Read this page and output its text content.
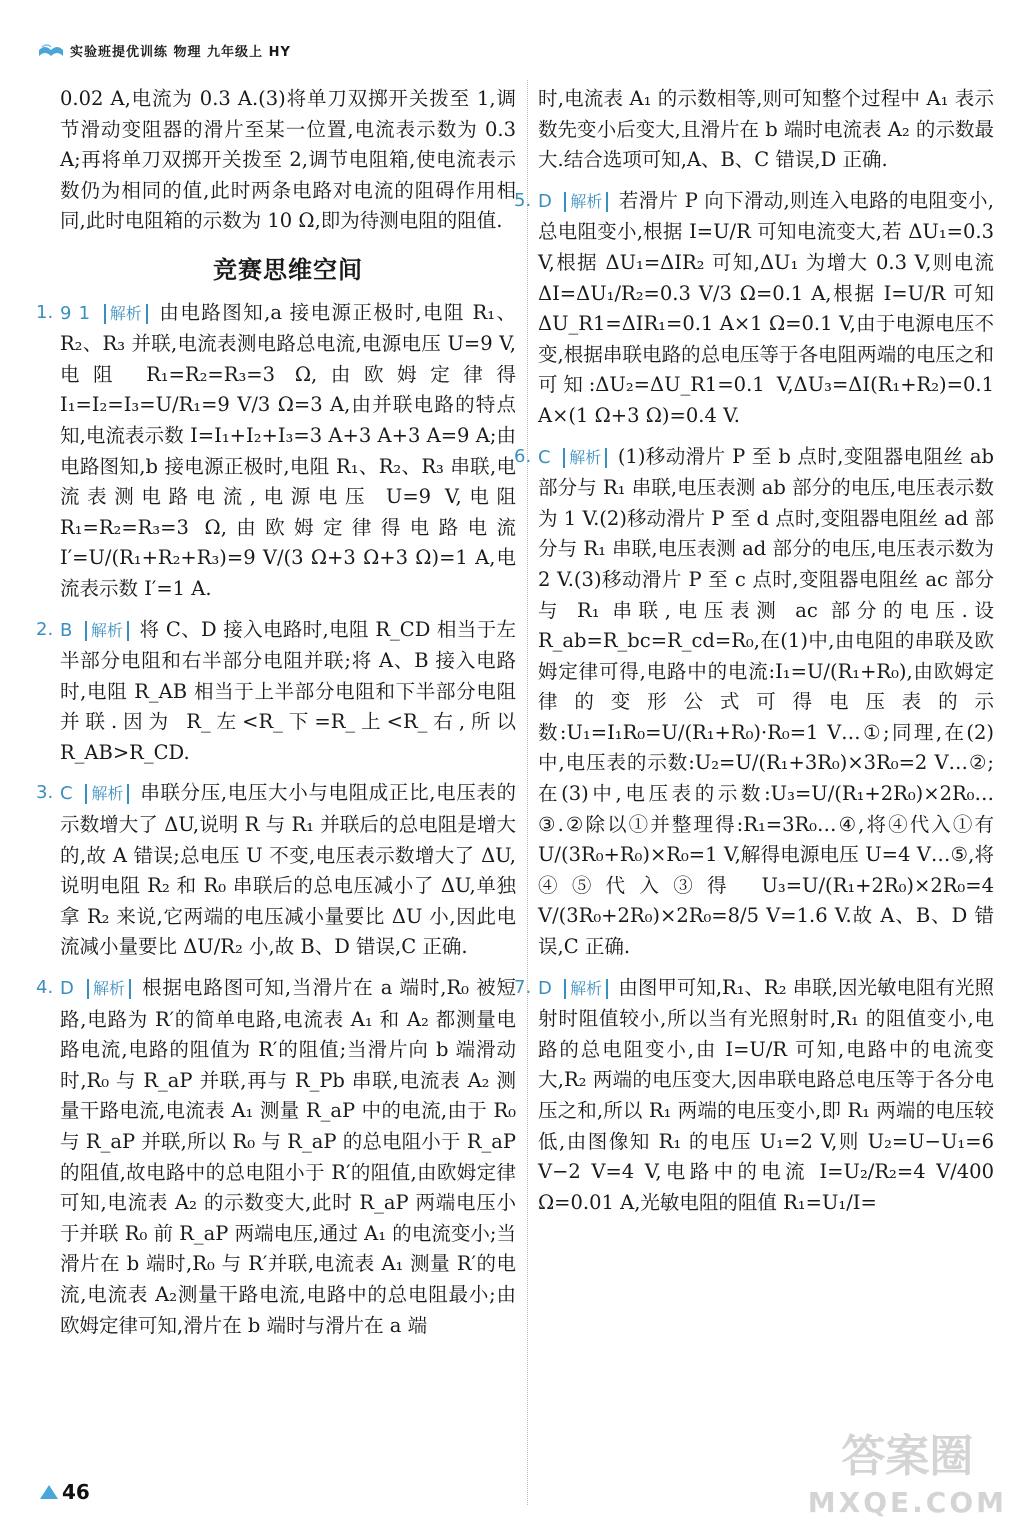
实验班提优训练 物理 九年级上 HY

0.02 A,电流为 0.3 A.(3)将单刀双掷开关拨至 1,调节滑动变阻器的滑片至某一位置,电流表示数为 0.3 A;再将单刀双掷开关拨至 2,调节电阻箱,使电流表示数仍为相同的值,此时两条电路对电流的阻碍作用相同,此时电阻箱的示数为 10 Ω,即为待测电阻的阻值.

竞赛思维空间
1. 9 1 解析 由电路图知,a 接电源正极时,电阻 R₁、R₂、R₃ 并联,电流表测电路总电流,电源电压 U=9 V,电阻 R₁=R₂=R₃=3 Ω,由欧姆定律得 I₁=I₂=I₃=U/R₁=9 V/3 Ω=3 A,由并联电路的特点知,电流表示数 I=I₁+I₂+I₃=3 A+3 A+3 A=9 A;由电路图知,b 接电源正极时,电阻 R₁、R₂、R₃ 串联,电流表测电路电流,电源电压 U=9 V,电阻 R₁=R₂=R₃=3 Ω,由欧姆定律得电路电流 I′=U/(R₁+R₂+R₃)=9 V/(3 Ω+3 Ω+3 Ω)=1 A,电流表示数 I′=1 A.
2. B 解析 将 C、D 接入电路时,电阻 R_CD 相当于左半部分电阻和右半部分电阻并联;将 A、B 接入电路时,电阻 R_AB 相当于上半部分电阻和下半部分电阻并联.因为 R_左<R_下=R_上<R_右,所以 R_AB>R_CD.
3. C 解析 串联分压,电压大小与电阻成正比,电压表的示数增大了 ΔU,说明 R 与 R₁ 并联后的总电阻是增大的,故 A 错误;总电压 U 不变,电压表示数增大了 ΔU,说明电阻 R₂ 和 R₀ 串联后的总电压减小了 ΔU,单独拿 R₂ 来说,它两端的电压减小量要比 ΔU 小,因此电流减小量要比 ΔU/R₂ 小,故 B、D 错误,C 正确.
4. D 解析 根据电路图可知,当滑片在 a 端时,R₀ 被短路,电路为 R′的简单电路,电流表 A₁ 和 A₂ 都测量电路电流,电路的阻值为 R′的阻值;当滑片向 b 端滑动时,R₀ 与 R_aP 并联,再与 R_Pb 串联,电流表 A₂ 测量干路电流,电流表 A₁ 测量 R_aP 中的电流,由于 R₀ 与 R_aP 并联,所以 R₀ 与 R_aP 的总电阻小于 R_aP 的阻值,故电路中的总电阻小于 R′的阻值,由欧姆定律可知,电流表 A₂ 的示数变大,此时 R_aP 两端电压小于并联 R₀ 前 R_aP 两端电压,通过 A₁ 的电流变小;当滑片在 b 端时,R₀ 与 R′并联,电流表 A₁ 测量 R′的电流,电流表 A₂测量干路电流,电路中的总电阻最小;由欧姆定律可知,滑片在 b 端时与滑片在 a 端

时,电流表 A₁ 的示数相等,则可知整个过程中 A₁ 表示数先变小后变大,且滑片在 b 端时电流表 A₂ 的示数最大.结合选项可知,A、B、C 错误,D 正确.

5. D 解析 若滑片 P 向下滑动,则连入电路的电阻变小,总电阻变小,根据 I=U/R 可知电流变大,若 ΔU₁=0.3 V,根据 ΔU₁=ΔIR₂ 可知,ΔU₁ 为增大 0.3 V,则电流 ΔI=ΔU₁/R₂=0.3 V/3 Ω=0.1 A,根据 I=U/R 可知 ΔU_R1=ΔIR₁=0.1 A×1 Ω=0.1 V,由于电源电压不变,根据串联电路的总电压等于各电阻两端的电压之和可知:ΔU₂=ΔU_R1=0.1 V,ΔU₃=ΔI(R₁+R₂)=0.1 A×(1 Ω+3 Ω)=0.4 V.
6. C 解析 (1)移动滑片 P 至 b 点时,变阻器电阻丝 ab 部分与 R₁ 串联,电压表测 ab 部分的电压,电压表示数为 1 V.(2)移动滑片 P 至 d 点时,变阻器电阻丝 ad 部分与 R₁ 串联,电压表测 ad 部分的电压,电压表示数为 2 V.(3)移动滑片 P 至 c 点时,变阻器电阻丝 ac 部分与 R₁ 串联,电压表测 ac 部分的电压.设 R_ab=R_bc=R_cd=R₀,在(1)中,由电阻的串联及欧姆定律可得,电路中的电流:I₁=U/(R₁+R₀),由欧姆定律的变形公式可得电压表的示数:U₁=I₁R₀=U/(R₁+R₀)·R₀=1 V…①;同理,在(2)中,电压表的示数:U₂=U/(R₁+3R₀)×3R₀=2 V…②;在(3)中,电压表的示数:U₃=U/(R₁+2R₀)×2R₀…③.②除以①并整理得:R₁=3R₀…④,将④代入①有 U/(3R₀+R₀)×R₀=1 V,解得电源电压 U=4 V…⑤,将④⑤代入③得 U₃=U/(R₁+2R₀)×2R₀=4 V/(3R₀+2R₀)×2R₀=8/5 V=1.6 V.故 A、B、D 错误,C 正确.
7. D 解析 由图甲可知,R₁、R₂ 串联,因光敏电阻有光照射时阻值较小,所以当有光照射时,R₁ 的阻值变小,电路的总电阻变小,由 I=U/R 可知,电路中的电流变大,R₂ 两端的电压变大,因串联电路总电压等于各分电压之和,所以 R₁ 两端的电压变小,即 R₁ 两端的电压较低,由图像知 R₁ 的电压 U₁=2 V,则 U₂=U−U₁=6 V−2 V=4 V,电路中的电流 I=U₂/R₂=4 V/400 Ω=0.01 A,光敏电阻的阻值 R₁=U₁/I=
46
答案圈
MXQE.COM
